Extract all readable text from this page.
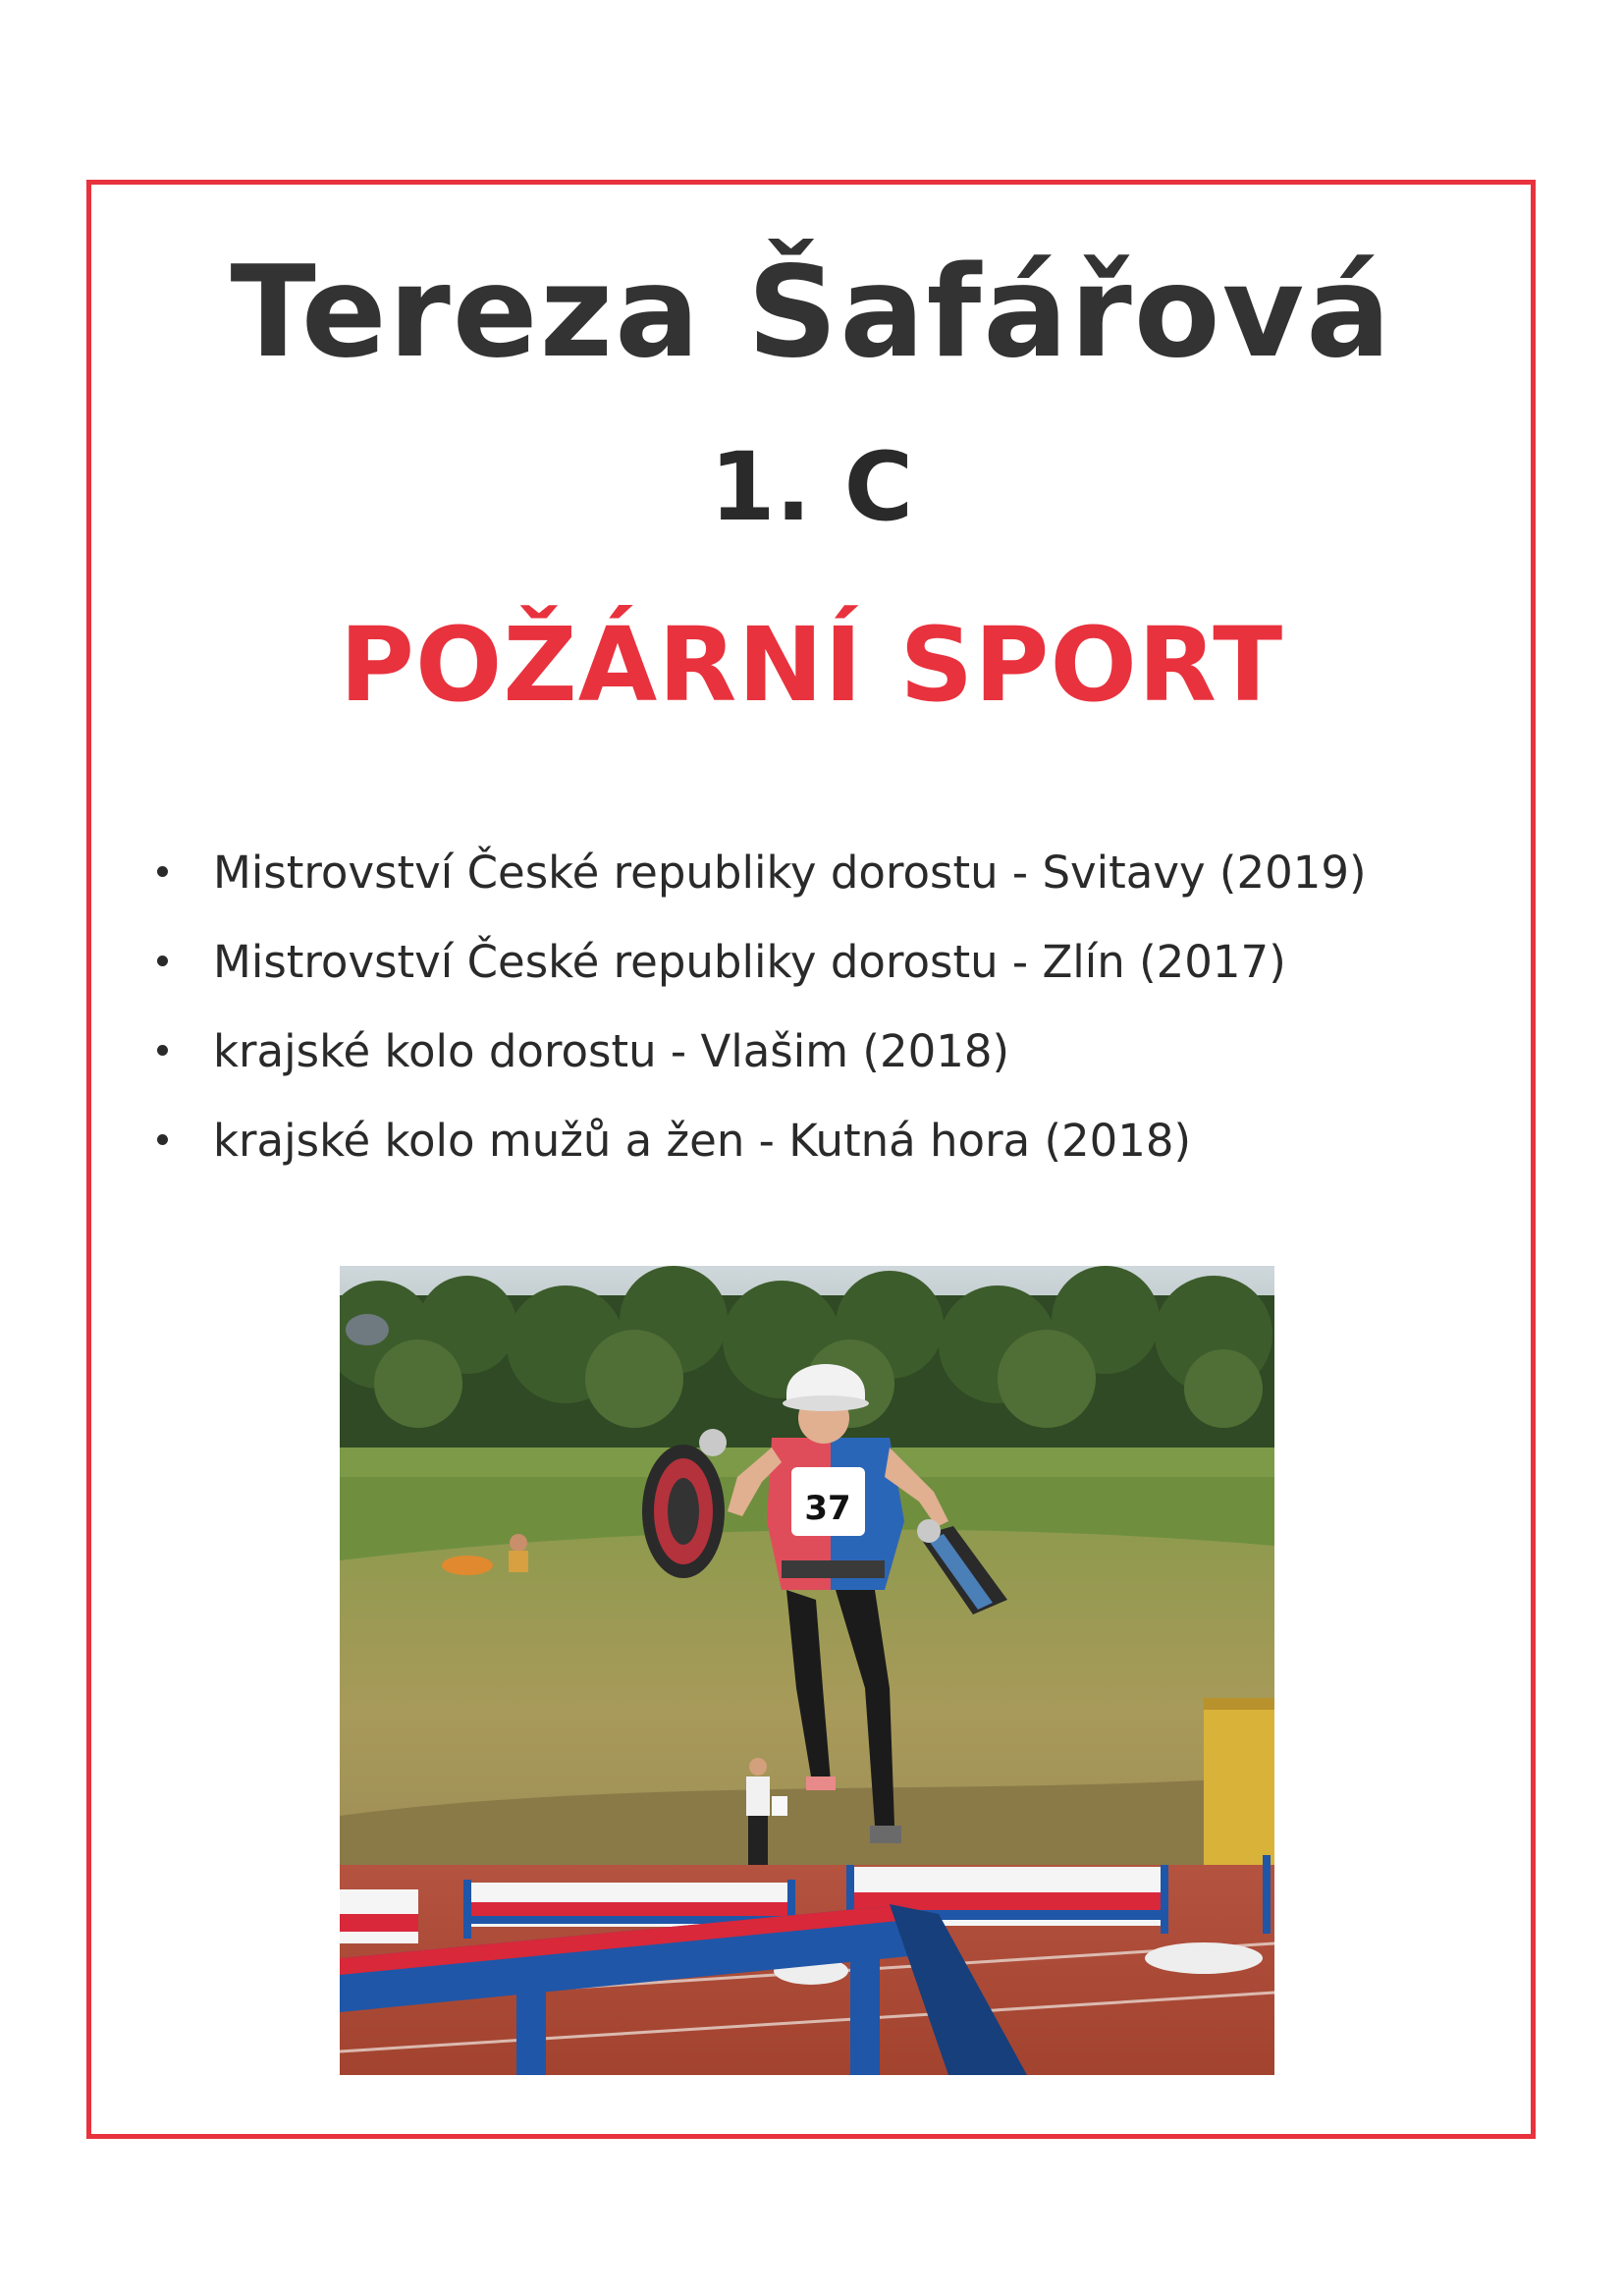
Tereza Šafářová
1. C
POŽÁRNÍ SPORT
Mistrovství České republiky dorostu - Svitavy (2019)
Mistrovství České republiky dorostu - Zlín (2017)
krajské kolo dorostu - Vlašim (2018)
krajské kolo mužů a žen - Kutná hora (2018)
37
